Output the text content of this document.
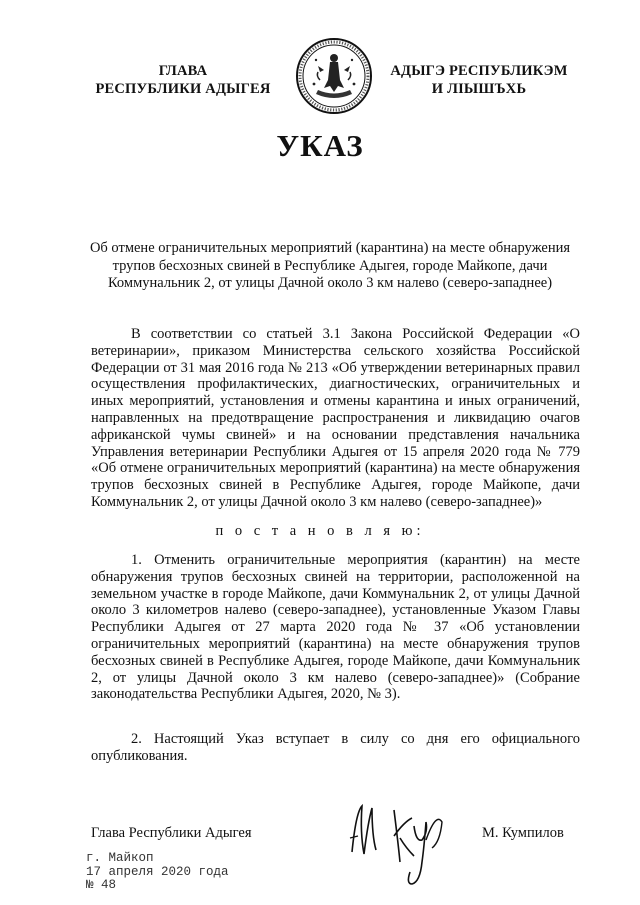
ГЛАВА
РЕСПУБЛИКИ АДЫГЕЯ
АДЫГЭ РЕСПУБЛИКЭМ
И ЛІЫШЪХЬ
УКАЗ
Об отмене ограничительных мероприятий (карантина) на месте обнаружения
трупов бесхозных свиней в Республике Адыгея, городе Майкопе, дачи
Коммунальник 2, от улицы Дачной около 3 км налево (северо-западнее)
В соответствии со статьей 3.1 Закона Российской Федерации «О ветеринарии», приказом Министерства сельского хозяйства Российской Федерации от 31 мая 2016 года № 213 «Об утверждении ветеринарных правил осуществления профилактических, диагностических, ограничительных и иных мероприятий, установления и отмены карантина и иных ограничений, направленных на предотвращение распространения и ликвидацию очагов африканской чумы свиней» и на основании представления начальника Управления ветеринарии Республики Адыгея от 15 апреля 2020 года № 779 «Об отмене ограничительных мероприятий (карантина) на месте обнаружения трупов бесхозных свиней в Республике Адыгея, городе Майкопе, дачи Коммунальник 2, от улицы Дачной около 3 км налево (северо-западнее)»
п о с т а н о в л я ю:
1. Отменить ограничительные мероприятия (карантин) на месте обнаружения трупов бесхозных свиней на территории, расположенной на земельном участке в городе Майкопе, дачи Коммунальник 2, от улицы Дачной около 3 километров налево (северо-западнее), установленные Указом Главы Республики Адыгея от 27 марта 2020 года № 37 «Об установлении ограничительных мероприятий (карантина) на месте обнаружения трупов бесхозных свиней в Республике Адыгея, городе Майкопе, дачи Коммунальник 2, от улицы Дачной около 3 км налево (северо-западнее)» (Собрание законодательства Республики Адыгея, 2020, № 3).
2. Настоящий Указ вступает в силу со дня его официального опубликования.
Глава Республики Адыгея	М. Кумпилов
г. Майкоп
17 апреля 2020 года
№ 48
